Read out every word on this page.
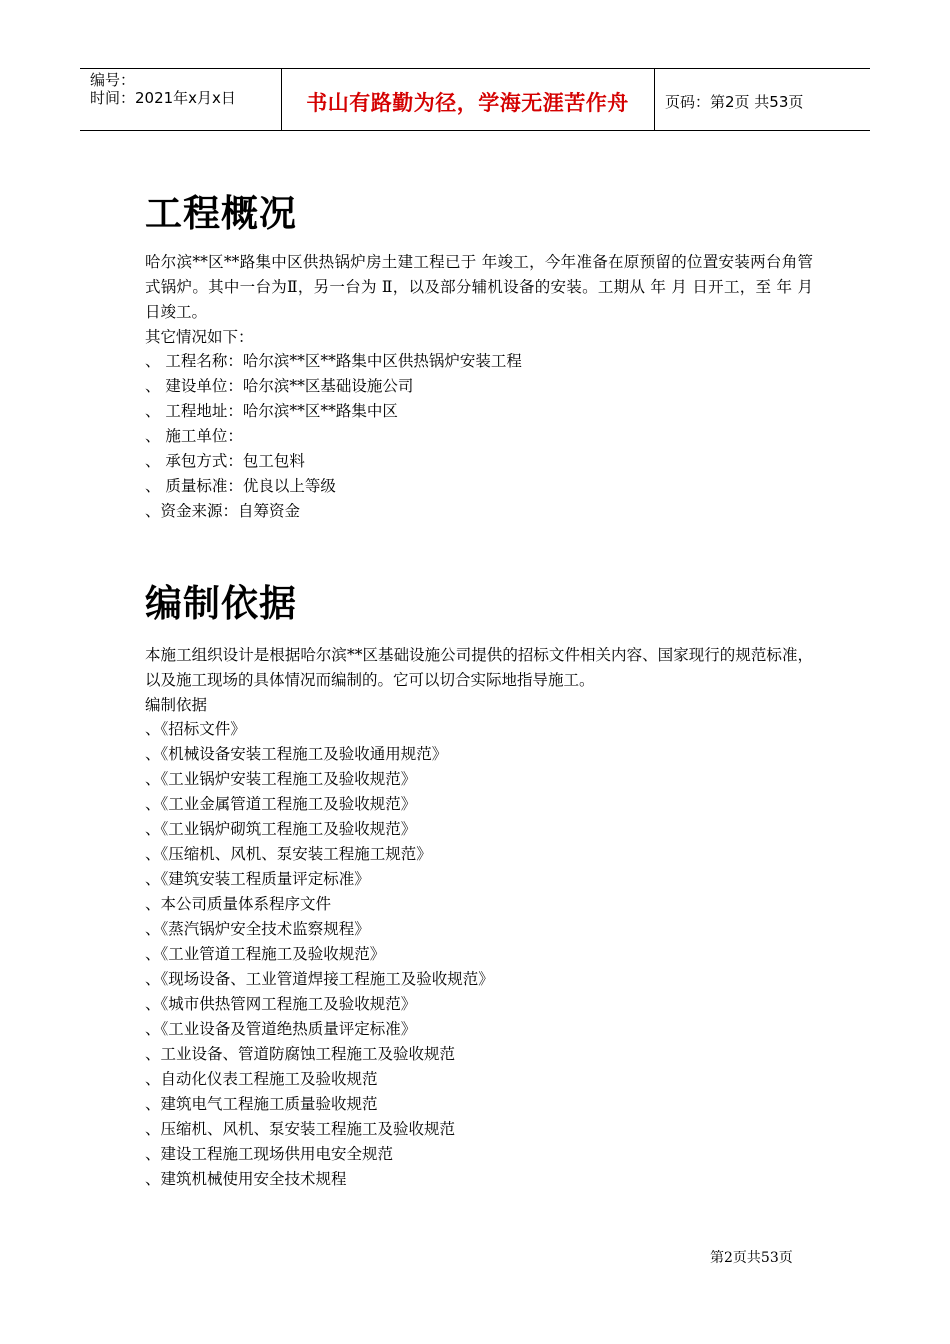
编号：
时间：2021年x月x日	书山有路勤为径，学海无涯苦作舟	页码：第2页 共53页
工程概况
哈尔滨**区**路集中区供热锅炉房土建工程已于 年竣工，今年准备在原预留的位置安装两台角管式锅炉。其中一台为Ⅱ，另一台为 Ⅱ，以及部分辅机设备的安装。工期从 年 月 日开工，至 年 月 日竣工。
其它情况如下：
、 工程名称：哈尔滨**区**路集中区供热锅炉安装工程
、 建设单位：哈尔滨**区基础设施公司
、 工程地址：哈尔滨**区**路集中区
、 施工单位：
、 承包方式：包工包料
、 质量标准：优良以上等级
、资金来源：自筹资金
编制依据
本施工组织设计是根据哈尔滨**区基础设施公司提供的招标文件相关内容、国家现行的规范标准，以及施工现场的具体情况而编制的。它可以切合实际地指导施工。
编制依据
、《招标文件》
、《机械设备安装工程施工及验收通用规范》
、《工业锅炉安装工程施工及验收规范》
、《工业金属管道工程施工及验收规范》
、《工业锅炉砌筑工程施工及验收规范》
、《压缩机、风机、泵安装工程施工规范》
、《建筑安装工程质量评定标准》
、本公司质量体系程序文件
、《蒸汽锅炉安全技术监察规程》
、《工业管道工程施工及验收规范》
、《现场设备、工业管道焊接工程施工及验收规范》
、《城市供热管网工程施工及验收规范》
、《工业设备及管道绝热质量评定标准》
、工业设备、管道防腐蚀工程施工及验收规范
、自动化仪表工程施工及验收规范
、建筑电气工程施工质量验收规范
、压缩机、风机、泵安装工程施工及验收规范
、建设工程施工现场供用电安全规范
、建筑机械使用安全技术规程
第2页共53页
